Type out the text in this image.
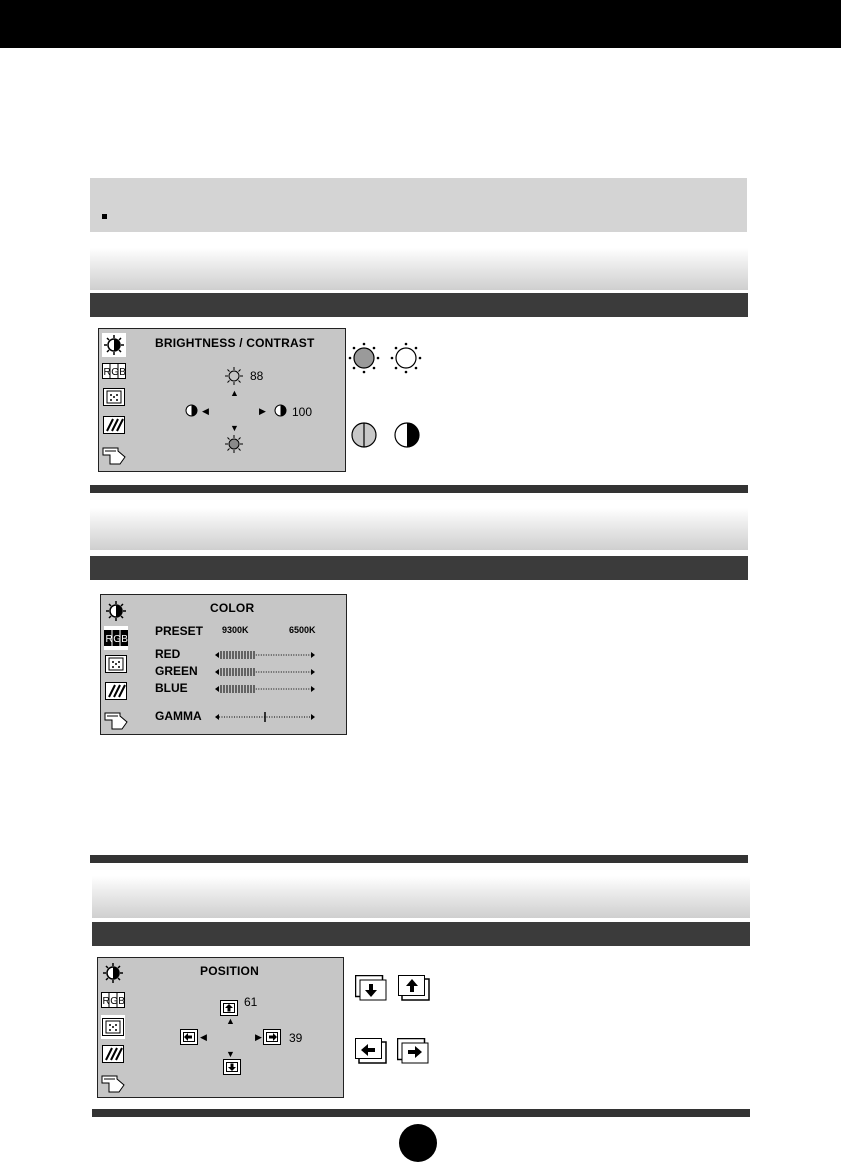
R G B
BRIGHTNESS / CONTRAST
88
▲
◀	▶ 100
▼
R G B
COLOR
PRESET 9300K	6500K
RED
GREEN
BLUE
GAMMA
R G B
POSITION
61
▲
◀	▶ 39
▼
